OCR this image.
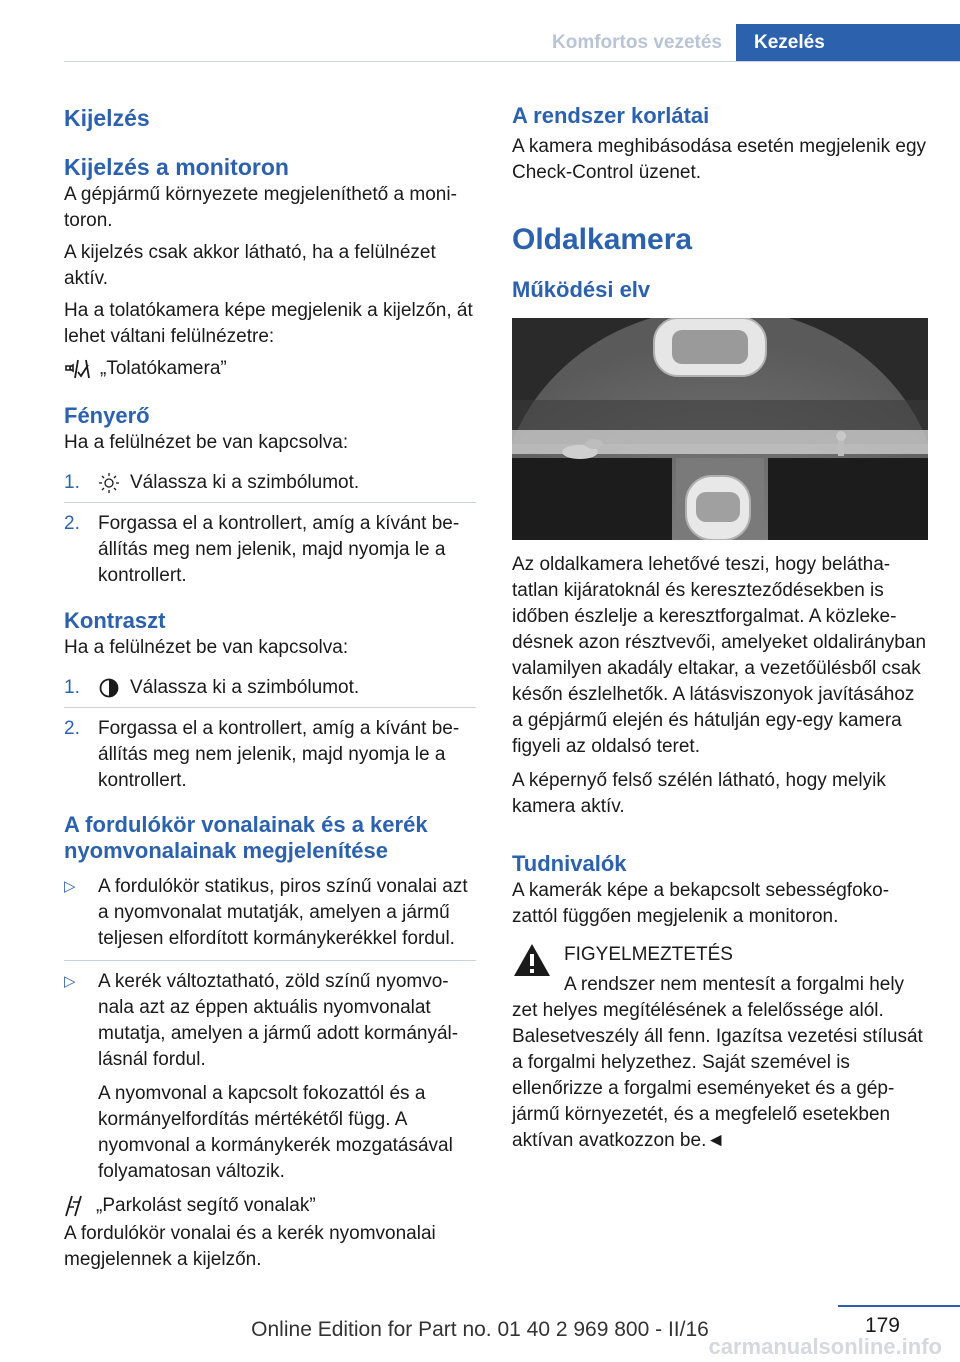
Komfortos vezetés	Kezelés
Kijelzés
Kijelzés a monitoron

A gépjármű környezete megjeleníthető a monitoron.

A kijelzés csak akkor látható, ha a felülnézet aktív.

Ha a tolatókamera képe megjelenik a kijelzőn, át lehet váltani felülnézetre:

„Tolatókamera”
Fényerő

Ha a felülnézet be van kapcsolva:

1.	Válassza ki a szimbólumot.
2. Forgassa el a kontrollert, amíg a kívánt beállítás meg nem jelenik, majd nyomja le a kontrollert.
Kontraszt

Ha a felülnézet be van kapcsolva:

1.	Válassza ki a szimbólumot.
2. Forgassa el a kontrollert, amíg a kívánt beállítás meg nem jelenik, majd nyomja le a kontrollert.
A fordulókör vonalainak és a kerék nyomvonalainak megjelenítése
▷	A fordulókör statikus, piros színű vonalai azt a nyomvonalat mutatják, amelyen a jármű teljesen elfordított kormánykerékkel fordul.
▷	A kerék változtatható, zöld színű nyomvonala azt az éppen aktuális nyomvonalat mutatja, amelyen a jármű adott kormányállásnál fordul.
A nyomvonal a kapcsolt fokozattól és a kormányelfordítás mértékétől függ. A nyomvonal a kormánykerék mozgatásával folyamatosan változik.
„Parkolást segítő vonalak”

A fordulókör vonalai és a kerék nyomvonalai megjelennek a kijelzőn.

A rendszer korlátai

A kamera meghibásodása esetén megjelenik egy Check-Control üzenet.

Oldalkamera
Működési elv

Az oldalkamera lehetővé teszi, hogy beláthatatlan kijáratoknál és kereszteződésekben is időben észlelje a keresztforgalmat. A közlekedésnek azon résztvevői, amelyeket oldalirányban valamilyen akadály eltakar, a vezetőülésből csak későn észlelhetők. A látásviszonyok javításához a gépjármű elején és hátulján egy-egy kamera figyeli az oldalsó teret.

A képernyő felső szélén látható, hogy melyik kamera aktív.

Tudnivalók

A kamerák képe a bekapcsolt sebességfokozattól függően megjelenik a monitoron.

FIGYELMEZTETÉS

A rendszer nem mentesít a forgalmi hely

zet helyes megítélésének a felelőssége alól. Balesetveszély áll fenn. Igazítsa vezetési stílusát a forgalmi helyzethez. Saját szemével is ellenőrizze a forgalmi eseményeket és a gépjármű környezetét, és a megfelelő esetekben aktívan avatkozzon be.◄

179
Online Edition for Part no. 01 40 2 969 800 - II/16
carmanualsonline.info
